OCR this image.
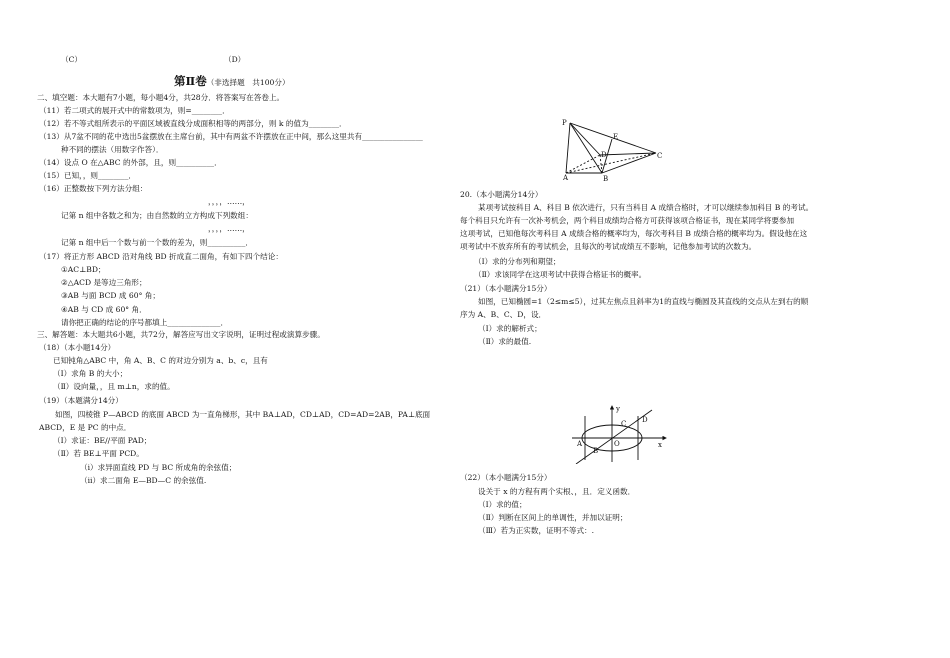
（C）	（D）
第Ⅱ卷（非选择题　共100分）
二、填空题：本大题有7小题，每小题4分，共28分．将答案写在答卷上。
（11）若二项式的展开式中的常数项为，则=________．
（12）若不等式组所表示的平面区域被直线分成面积相等的两部分，则 k 的值为________．
（13）从7盆不同的花中选出5盆摆放在主席台前，其中有两盆不许摆放在正中间，那么这里共有________________
种不同的摆法（用数字作答）．
（14）设点 O 在△ABC 的外部，且，则__________．
（15）已知，，则________．
（16）正整数按下列方法分组：
，，，，……，
记第 n 组中各数之和为；由自然数的立方构成下列数组：
，，，，……，
记第 n 组中后一个数与前一个数的差为，则__________．
（17）将正方形 ABCD 沿对角线 BD 折成直二面角，有如下四个结论：
①AC⊥BD；
②△ACD 是等边三角形；
③AB 与面 BCD 成 60° 角；
④AB 与 CD 成 60° 角．
请你把正确的结论的序号都填上______________．
三、解答题：本大题共6小题，共72分，解答应写出文字说明，证明过程或演算步骤。
（18）（本小题14分）
已知钝角△ABC 中，角 A、B、C 的对边分别为 a、b、c，且有
（Ⅰ）求角 B 的大小；
（Ⅱ）设向量，，且 m⊥n，求的值。
（19）（本题满分14分）
如图，四棱锥 P—ABCD 的底面 ABCD 为一直角梯形，其中 BA⊥AD，CD⊥AD，CD=AD=2AB，PA⊥底面
ABCD，E 是 PC 的中点．
（Ⅰ）求证：BE//平面 PAD；
（Ⅱ）若 BE⊥平面 PCD。
（i）求异面直线 PD 与 BC 所成角的余弦值；
（ii）求二面角 E—BD—C 的余弦值.
P
E
D	C
A	B
20.（本小题满分14分）
某项考试按科目 A、科目 B 依次进行，只有当科目 A 成绩合格时，才可以继续参加科目 B 的考试。
每个科目只允许有一次补考机会，两个科目成绩均合格方可获得该项合格证书，现在某同学将要参加
这项考试，已知他每次考科目 A 成绩合格的概率均为，每次考科目 B 成绩合格的概率均为。假设他在这
项考试中不放弃所有的考试机会，且每次的考试成绩互不影响，记他参加考试的次数为。
（Ⅰ）求的分布列和期望；
（Ⅱ）求该同学在这项考试中获得合格证书的概率。
（21）（本小题满分15分）
如图，已知椭圆=1（2≤m≤5），过其左焦点且斜率为1的直线与椭圆及其直线的交点从左到右的顺
序为 A、B、C、D，设．
（Ⅰ）求的解析式；
（Ⅱ）求的最值.
y
x
C D
O
A
B
（22）（本小题满分15分）
设关于 x 的方程有两个实根、，且．定义函数．
（Ⅰ）求的值；
（Ⅱ）判断在区间上的单调性，并加以证明；
（Ⅲ）若为正实数，证明不等式：.
